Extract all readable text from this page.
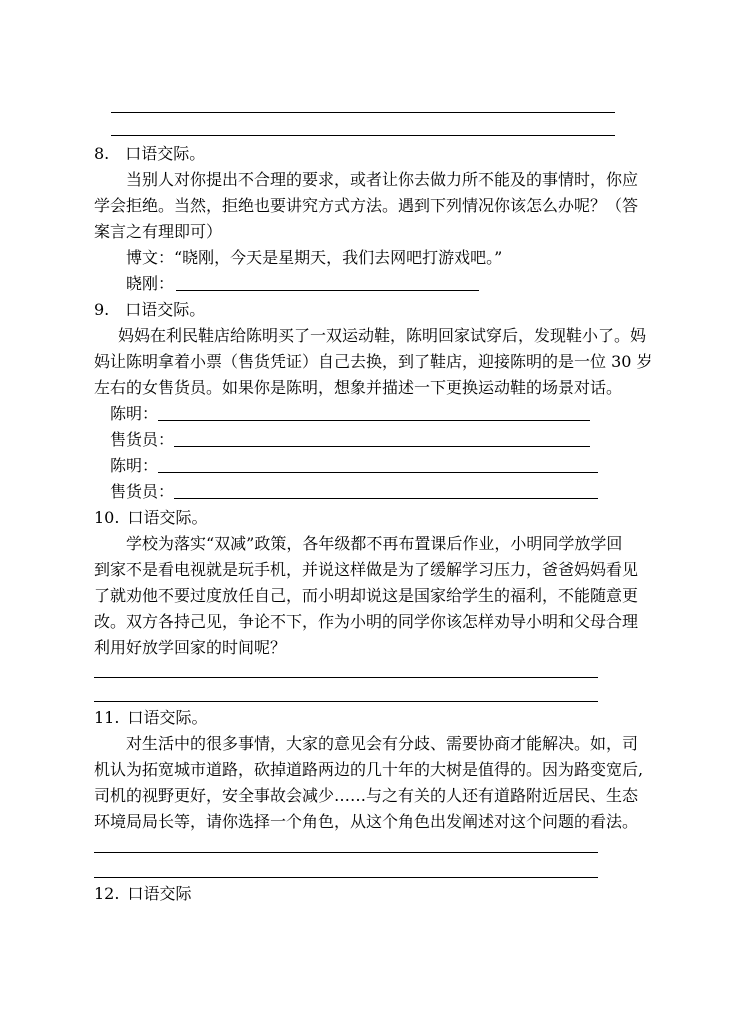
8. 口语交际。
当别人对你提出不合理的要求，或者让你去做力所不能及的事情时，你应
学会拒绝。当然，拒绝也要讲究方式方法。遇到下列情况你该怎么办呢？（答
案言之有理即可）
博文：“晓刚，今天是星期天，我们去网吧打游戏吧。”
晓刚：
9. 口语交际。
妈妈在利民鞋店给陈明买了一双运动鞋，陈明回家试穿后，发现鞋小了。妈
妈让陈明拿着小票（售货凭证）自己去换，到了鞋店，迎接陈明的是一位 30 岁
左右的女售货员。如果你是陈明，想象并描述一下更换运动鞋的场景对话。
陈明：
售货员：
陈明：
售货员：
10. 口语交际。
学校为落实“双减”政策，各年级都不再布置课后作业，小明同学放学回
到家不是看电视就是玩手机，并说这样做是为了缓解学习压力，爸爸妈妈看见
了就劝他不要过度放任自己，而小明却说这是国家给学生的福利，不能随意更
改。双方各持己见，争论不下，作为小明的同学你该怎样劝导小明和父母合理
利用好放学回家的时间呢？
11. 口语交际。
对生活中的很多事情，大家的意见会有分歧、需要协商才能解决。如，司
机认为拓宽城市道路，砍掉道路两边的几十年的大树是值得的。因为路变宽后,
司机的视野更好，安全事故会减少……与之有关的人还有道路附近居民、生态
环境局局长等，请你选择一个角色，从这个角色出发阐述对这个问题的看法。
12. 口语交际
